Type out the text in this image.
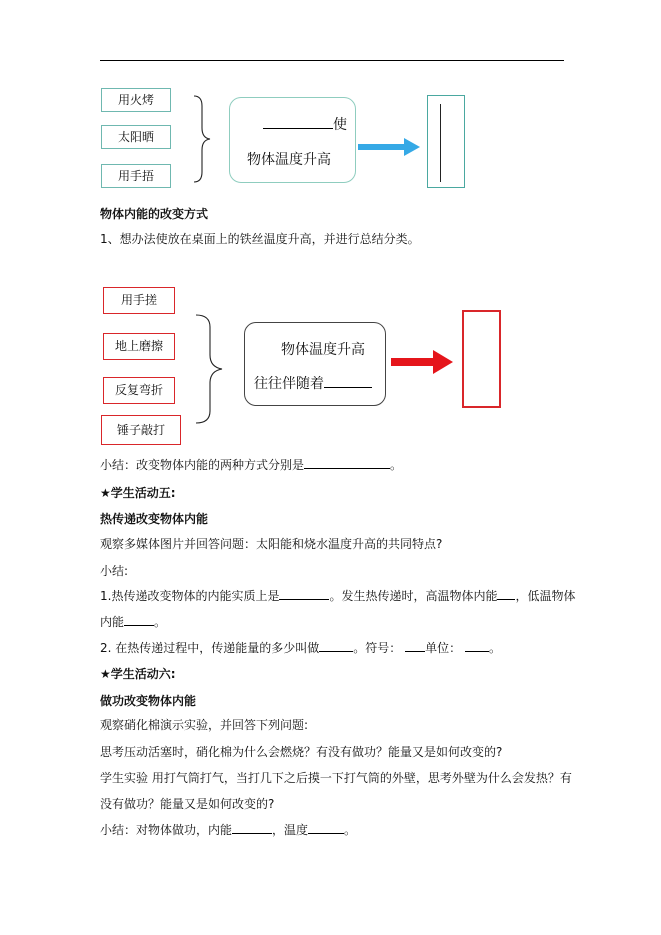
用火烤
太阳晒
用手捂
使
物体温度升高
物体内能的改变方式
1、想办法使放在桌面上的铁丝温度升高，并进行总结分类。
用手搓
地上磨擦
反复弯折
锤子敲打
物体温度升高
往往伴随着
小结：改变物体内能的两种方式分别是	。
★学生活动五:
热传递改变物体内能
观察多媒体图片并回答问题：太阳能和烧水温度升高的共同特点?
小结:
1.热传递改变物体的内能实质上是	。发生热传递时，高温物体内能 ，低温物体
内能	。
2. 在热传递过程中，传递能量的多少叫做	。符号： 单位： 。
★学生活动六:
做功改变物体内能
观察硝化棉演示实验，并回答下列问题:
思考压动活塞时，硝化棉为什么会燃烧？有没有做功？能量又是如何改变的?
学生实验 用打气筒打气，当打几下之后摸一下打气筒的外壁，思考外壁为什么会发热？有
没有做功？能量又是如何改变的?
小结：对物体做功，内能	，温度	。
